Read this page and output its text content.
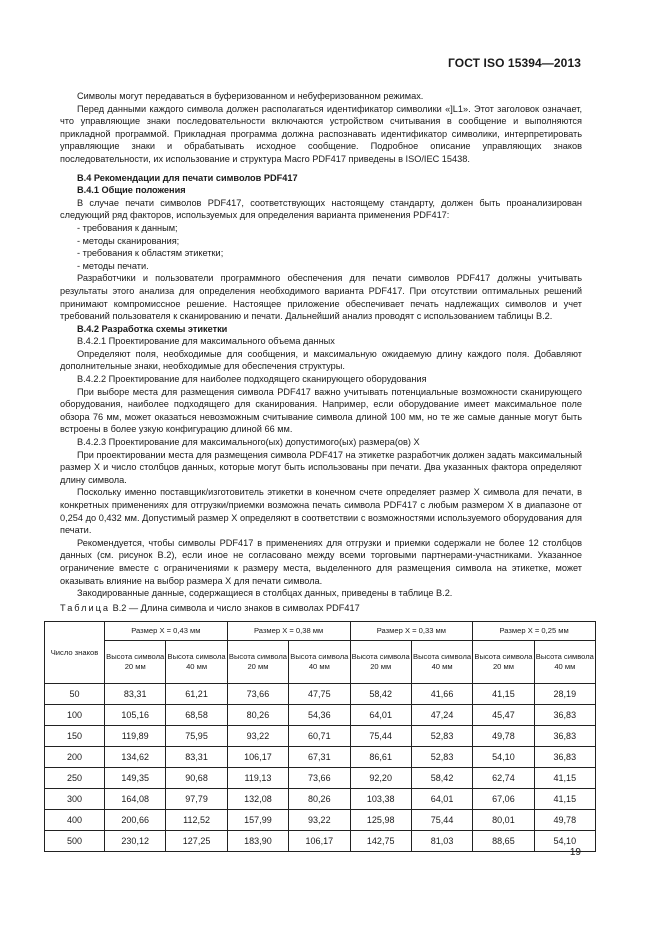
ГОСТ ISO 15394—2013

Символы могут передаваться в буферизованном и небуферизованном режимах.

Перед данными каждого символа должен располагаться идентификатор символики «]L1». Этот заголовок означает, что управляющие знаки последовательности включаются устройством считывания в сообщение и выполняются прикладной программой. Прикладная программа должна распознавать идентификатор символики, интерпретировать управляющие знаки и обрабатывать исходное сообщение. Подробное описание управляющих знаков последовательности, их использование и структура Macro PDF417 приведены в ISO/IEC 15438.

В.4 Рекомендации для печати символов PDF417

В.4.1 Общие положения

В случае печати символов PDF417, соответствующих настоящему стандарту, должен быть проанализирован следующий ряд факторов, используемых для определения варианта применения PDF417:

- требования к данным;

- методы сканирования;

- требования к областям этикетки;

- методы печати.

Разработчики и пользователи программного обеспечения для печати символов PDF417 должны учитывать результаты этого анализа для определения необходимого варианта PDF417. При отсутствии оптимальных решений принимают компромиссное решение. Настоящее приложение обеспечивает печать надлежащих символов и учет требований пользователя к сканированию и печати. Дальнейший анализ проводят с использованием таблицы В.2.

В.4.2 Разработка схемы этикетки

В.4.2.1 Проектирование для максимального объема данных

Определяют поля, необходимые для сообщения, и максимальную ожидаемую длину каждого поля. Добавляют дополнительные знаки, необходимые для обеспечения структуры.

В.4.2.2 Проектирование для наиболее подходящего сканирующего оборудования

При выборе места для размещения символа PDF417 важно учитывать потенциальные возможности сканирующего оборудования, наиболее подходящего для сканирования. Например, если оборудование имеет максимальное поле обзора 76 мм, может оказаться невозможным считывание символа длиной 100 мм, но те же самые данные могут быть встроены в более узкую конфигурацию длиной 66 мм.

В.4.2.3 Проектирование для максимального(ых) допустимого(ых) размера(ов) X

При проектировании места для размещения символа PDF417 на этикетке разработчик должен задать максимальный размер X и число столбцов данных, которые могут быть использованы при печати. Два указанных фактора определяют длину символа.

Поскольку именно поставщик/изготовитель этикетки в конечном счете определяет размер X символа для печати, в конкретных применениях для отгрузки/приемки возможна печать символа PDF417 с любым размером X в диапазоне от 0,254 до 0,432 мм. Допустимый размер X определяют в соответствии с возможностями используемого оборудования для печати.

Рекомендуется, чтобы символы PDF417 в применениях для отгрузки и приемки содержали не более 12 столбцов данных (см. рисунок В.2), если иное не согласовано между всеми торговыми партнерами-участниками. Указанное ограничение вместе с ограничениями к размеру места, выделенного для размещения символа на этикетке, может оказывать влияние на выбор размера X для печати символа.

Закодированные данные, содержащиеся в столбцах данных, приведены в таблице В.2.

Таблица В.2 — Длина символа и число знаков в символах PDF417
Число знаков	Размер X = 0,43 мм		Размер X = 0,38 мм		Размер X = 0,33 мм		Размер X = 0,25 мм	
	Высота символа 20 мм	Высота символа 40 мм	Высота символа 20 мм	Высота символа 40 мм	Высота символа 20 мм	Высота символа 40 мм	Высота символа 20 мм	Высота символа 40 мм
50	83,31	61,21	73,66	47,75	58,42	41,66	41,15	28,19
100	105,16	68,58	80,26	54,36	64,01	47,24	45,47	36,83
150	119,89	75,95	93,22	60,71	75,44	52,83	49,78	36,83
200	134,62	83,31	106,17	67,31	86,61	52,83	54,10	36,83
250	149,35	90,68	119,13	73,66	92,20	58,42	62,74	41,15
300	164,08	97,79	132,08	80,26	103,38	64,01	67,06	41,15
400	200,66	112,52	157,99	93,22	125,98	75,44	80,01	49,78
500	230,12	127,25	183,90	106,17	142,75	81,03	88,65	54,10
19
